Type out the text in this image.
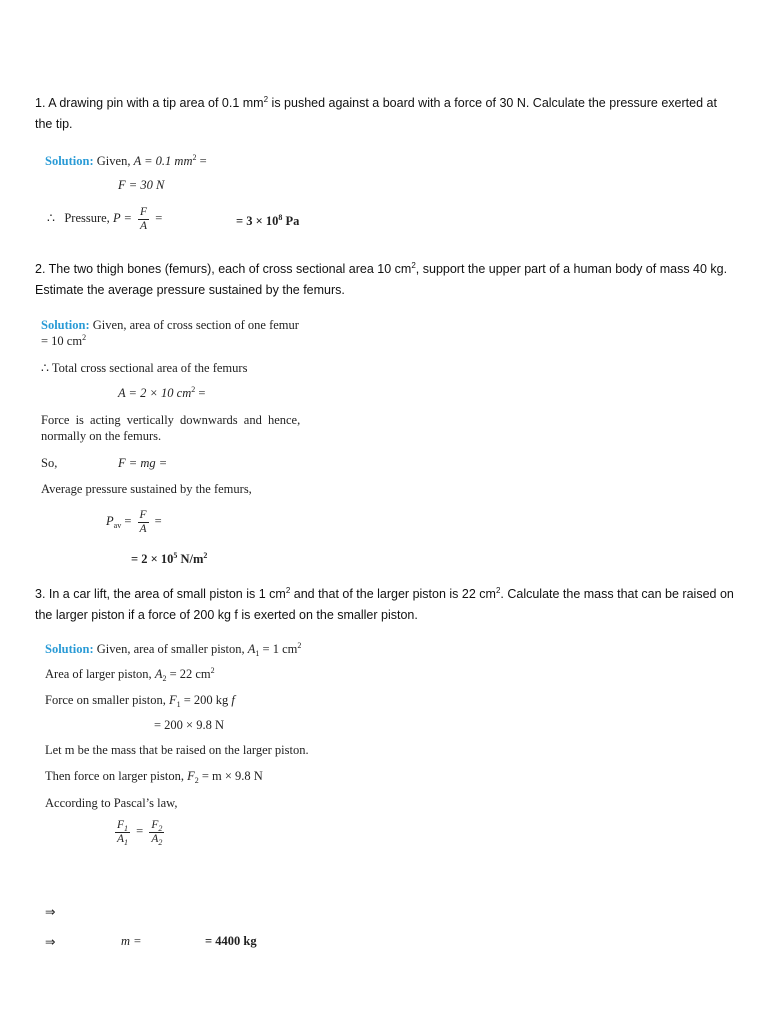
1. A drawing pin with a tip area of 0.1 $mm^2$ is pushed against a board with a force of 30 N. Calculate the pressure exerted at the tip.
Solution: Given, A = 0.1 $mm^2$ =
F = 30 N
∴ Pressure, $P = \frac{F}{A}$ =	= $3 \times 10^8$ Pa
2. The two thigh bones (femurs), each of cross sectional area 10 $cm^2$, support the upper part of a human body of mass 40 kg. Estimate the average pressure sustained by the femurs.
Solution: Given, area of cross section of one femur
= 10 $cm^2$
∴ Total cross sectional area of the femurs
A = 2 × 10 $cm^2$ =
Force is acting vertically downwards and hence,
normally on the femurs.
So,	F = mg =
Average pressure sustained by the femurs,
$P_{av} = \frac{F}{A}$ =
= $2 \times 10^5$ $N/m^2$
3. In a car lift, the area of small piston is 1 $cm^2$ and that of the larger piston is 22 $cm^2$. Calculate the mass that can be raised on the larger piston if a force of 200 kg f is exerted on the smaller piston.
Solution: Given, area of smaller piston, $A_1 = 1$ $cm^2$
Area of larger piston, $A_2 = 22$ $cm^2$
Force on smaller piston, $F_1 = 200$ kg f
= 200 × 9.8 N
Let m be the mass that be raised on the larger piston.
Then force on larger piston, $F_2 = m \times 9.8$ N
According to Pascal’s law,
$\frac{F_1}{A_1} = \frac{F_2}{A_2}$
⇒
⇒	m =	= 4400 kg
